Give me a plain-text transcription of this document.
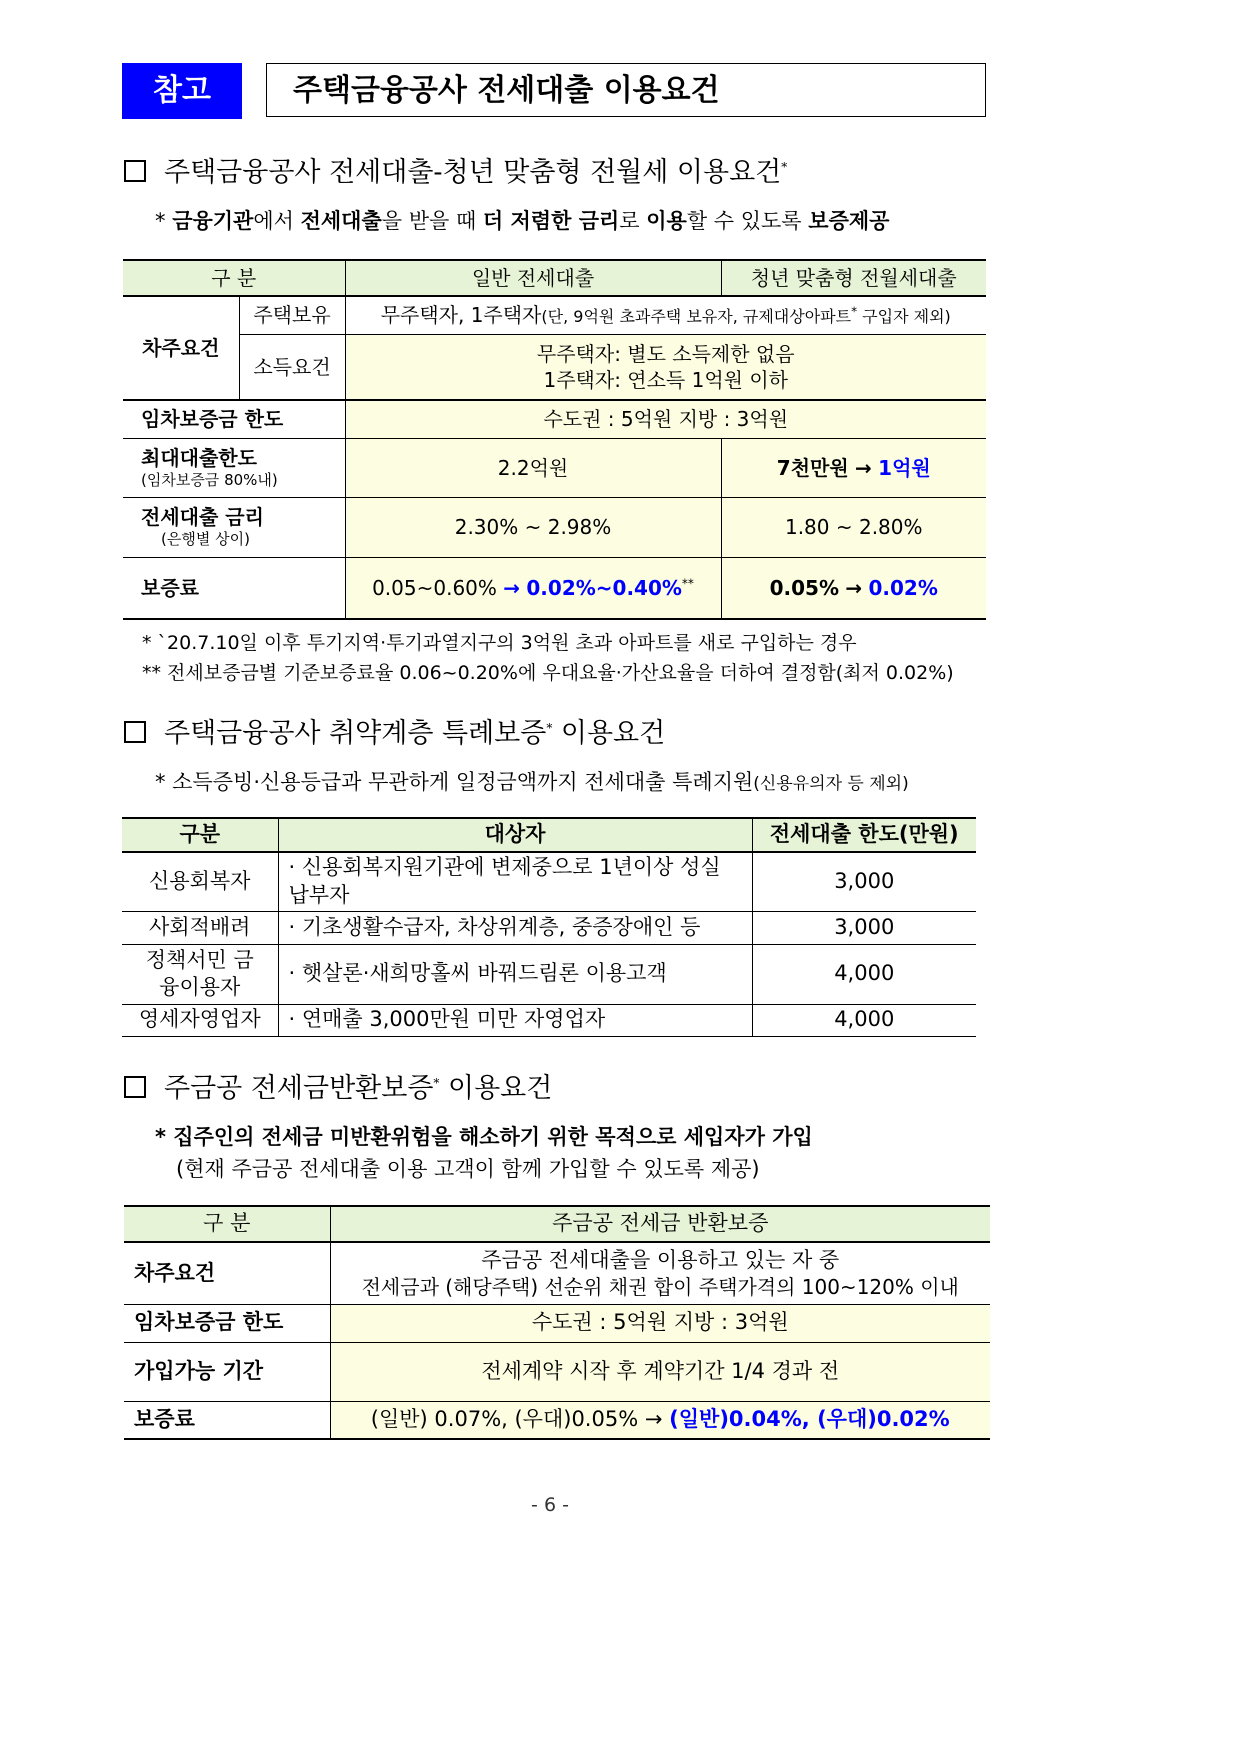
참고	주택금융공사 전세대출 이용요건
주택금융공사 전세대출-청년 맞춤형 전월세 이용요건*
* 금융기관에서 전세대출을 받을 때 더 저렴한 금리로 이용할 수 있도록 보증제공
구 분		일반 전세대출	청년 맞춤형 전월세대출
차주요건	주택보유	무주택자, 1주택자(단, 9억원 초과주택 보유자, 규제대상아파트* 구입자 제외)	
	소득요건	무주택자: 별도 소득제한 없음
1주택자: 연소득 1억원 이하	

임차보증금 한도		수도권 : 5억원 지방 : 3억원	

최대대출한도
(임차보증금 80%내)		2.2억원	7천만원 → 1억원

전세대출 금리
(은행별 상이)		2.30% ~ 2.98%	1.80 ~ 2.80%
보증료		0.05~0.60% → 0.02%~0.40%**	0.05% → 0.02%
* `20.7.10일 이후 투기지역·투기과열지구의 3억원 초과 아파트를 새로 구입하는 경우
** 전세보증금별 기준보증료율 0.06~0.20%에 우대요율·가산요율을 더하여 결정함(최저 0.02%)
주택금융공사 취약계층 특례보증* 이용요건
* 소득증빙·신용등급과 무관하게 일정금액까지 전세대출 특례지원(신용유의자 등 제외)
구분	대상자	전세대출 한도(만원)
신용회복자	· 신용회복지원기관에 변제중으로 1년이상 성실납부자	3,000
사회적배려	· 기초생활수급자, 차상위계층, 중증장애인 등	3,000
정책서민 금융이용자	· 햇살론·새희망홀씨 바꿔드림론 이용고객	4,000
영세자영업자	· 연매출 3,000만원 미만 자영업자	4,000
주금공 전세금반환보증* 이용요건
* 집주인의 전세금 미반환위험을 해소하기 위한 목적으로 세입자가 가입
(현재 주금공 전세대출 이용 고객이 함께 가입할 수 있도록 제공)
구 분	주금공 전세금 반환보증
차주요건	주금공 전세대출을 이용하고 있는 자 중
전세금과 (해당주택) 선순위 채권 합이 주택가격의 100~120% 이내

임차보증금 한도	수도권 : 5억원 지방 : 3억원
가입가능 기간	전세계약 시작 후 계약기간 1/4 경과 전
보증료	(일반) 0.07%, (우대)0.05% → (일반)0.04%, (우대)0.02%
- 6 -
